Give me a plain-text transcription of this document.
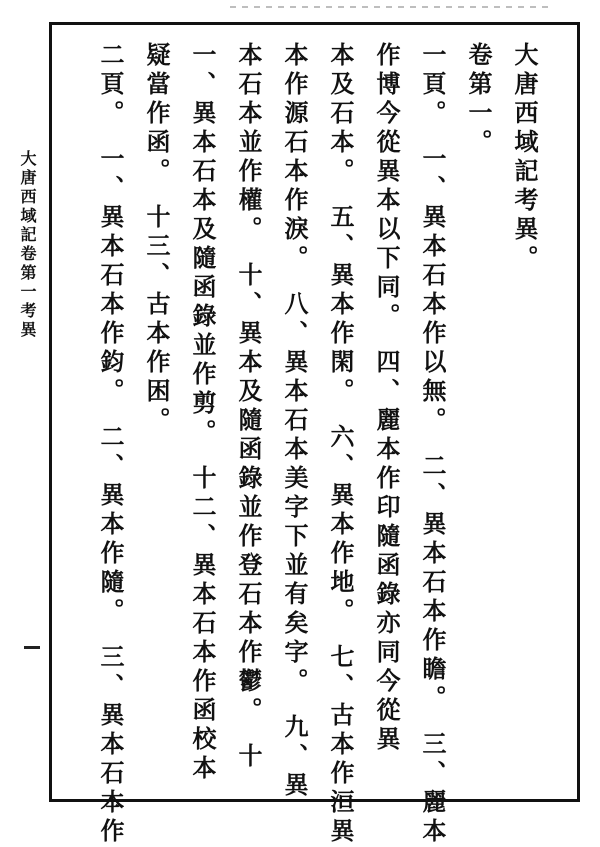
大唐西域記卷第一考異	大唐西域記考異。
卷第一。
一頁。　一、異本石本作以無。　二、異本石本作瞻。　三、麗本
作博今從異本以下同。　四、麗本作印隨函錄亦同今從異
本及石本。　五、異本作閑。　六、異本作地。　七、古本作洹異
本作源石本作淚。　八、異本石本美字下並有矣字。　九、異
本石本並作權。　十、異本及隨函錄並作登石本作鬱。　十
一、異本石本及隨函錄並作剪。　十二、異本石本作函校本
疑當作函。　十三、古本作困。
二頁。　一、異本石本作鈞。　二、異本作隨。　三、異本石本作
